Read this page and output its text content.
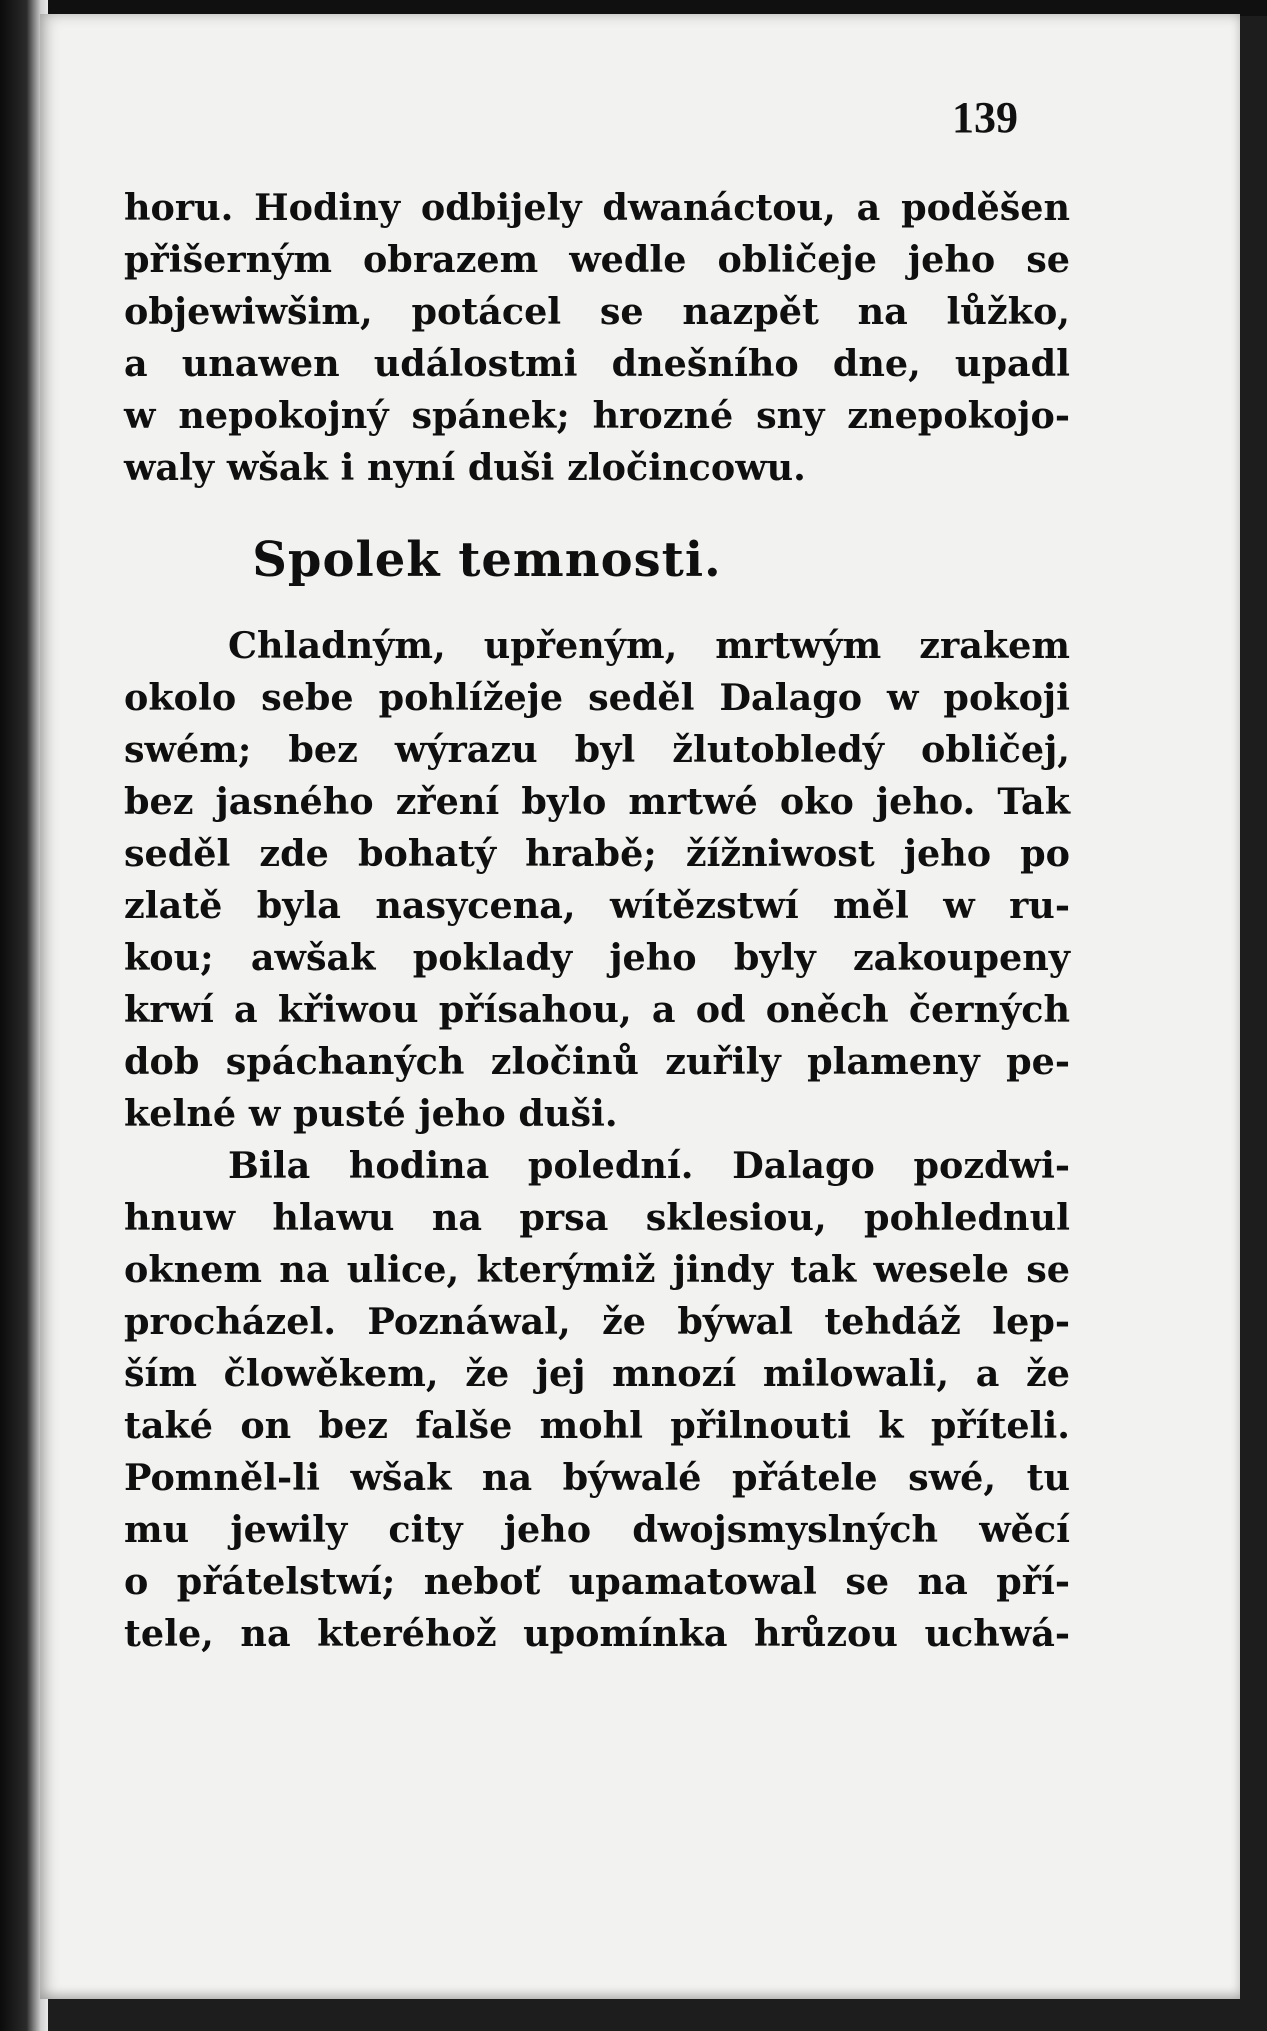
139

horu. Hodiny odbijely dwanáctou, a poděšen
přišerným obrazem wedle obličeje jeho se
objewiwšim, potácel se nazpět na lůžko,
a unawen událostmi dnešního dne, upadl
w nepokojný spánek; hrozné sny znepokojo-
waly wšak i nyní duši zločincowu.
Spolek temnosti.
Chladným, upřeným, mrtwým zrakem
okolo sebe pohlížeje seděl Dalago w pokoji
swém; bez wýrazu byl žlutobledý obličej,
bez jasného zření bylo mrtwé oko jeho. Tak
seděl zde bohatý hrabě; žížniwost jeho po
zlatě byla nasycena, wítězstwí měl w ru-
kou; awšak poklady jeho byly zakoupeny
krwí a křiwou přísahou, a od oněch černých
dob spáchaných zločinů zuřily plameny pe-
kelné w pusté jeho duši.
Bila hodina polední. Dalago pozdwi-
hnuw hlawu na prsa sklesiou, pohlednul
oknem na ulice, kterýmiž jindy tak wesele se
procházel. Poznáwal, že býwal tehdáž lep-
ším člowěkem, že jej mnozí milowali, a že
také on bez falše mohl přilnouti k příteli.
Pomněl-li wšak na býwalé přátele swé, tu
mu jewily city jeho dwojsmyslných wěcí
o přátelstwí; neboť upamatowal se na pří-
tele, na kteréhož upomínka hrůzou uchwá-
